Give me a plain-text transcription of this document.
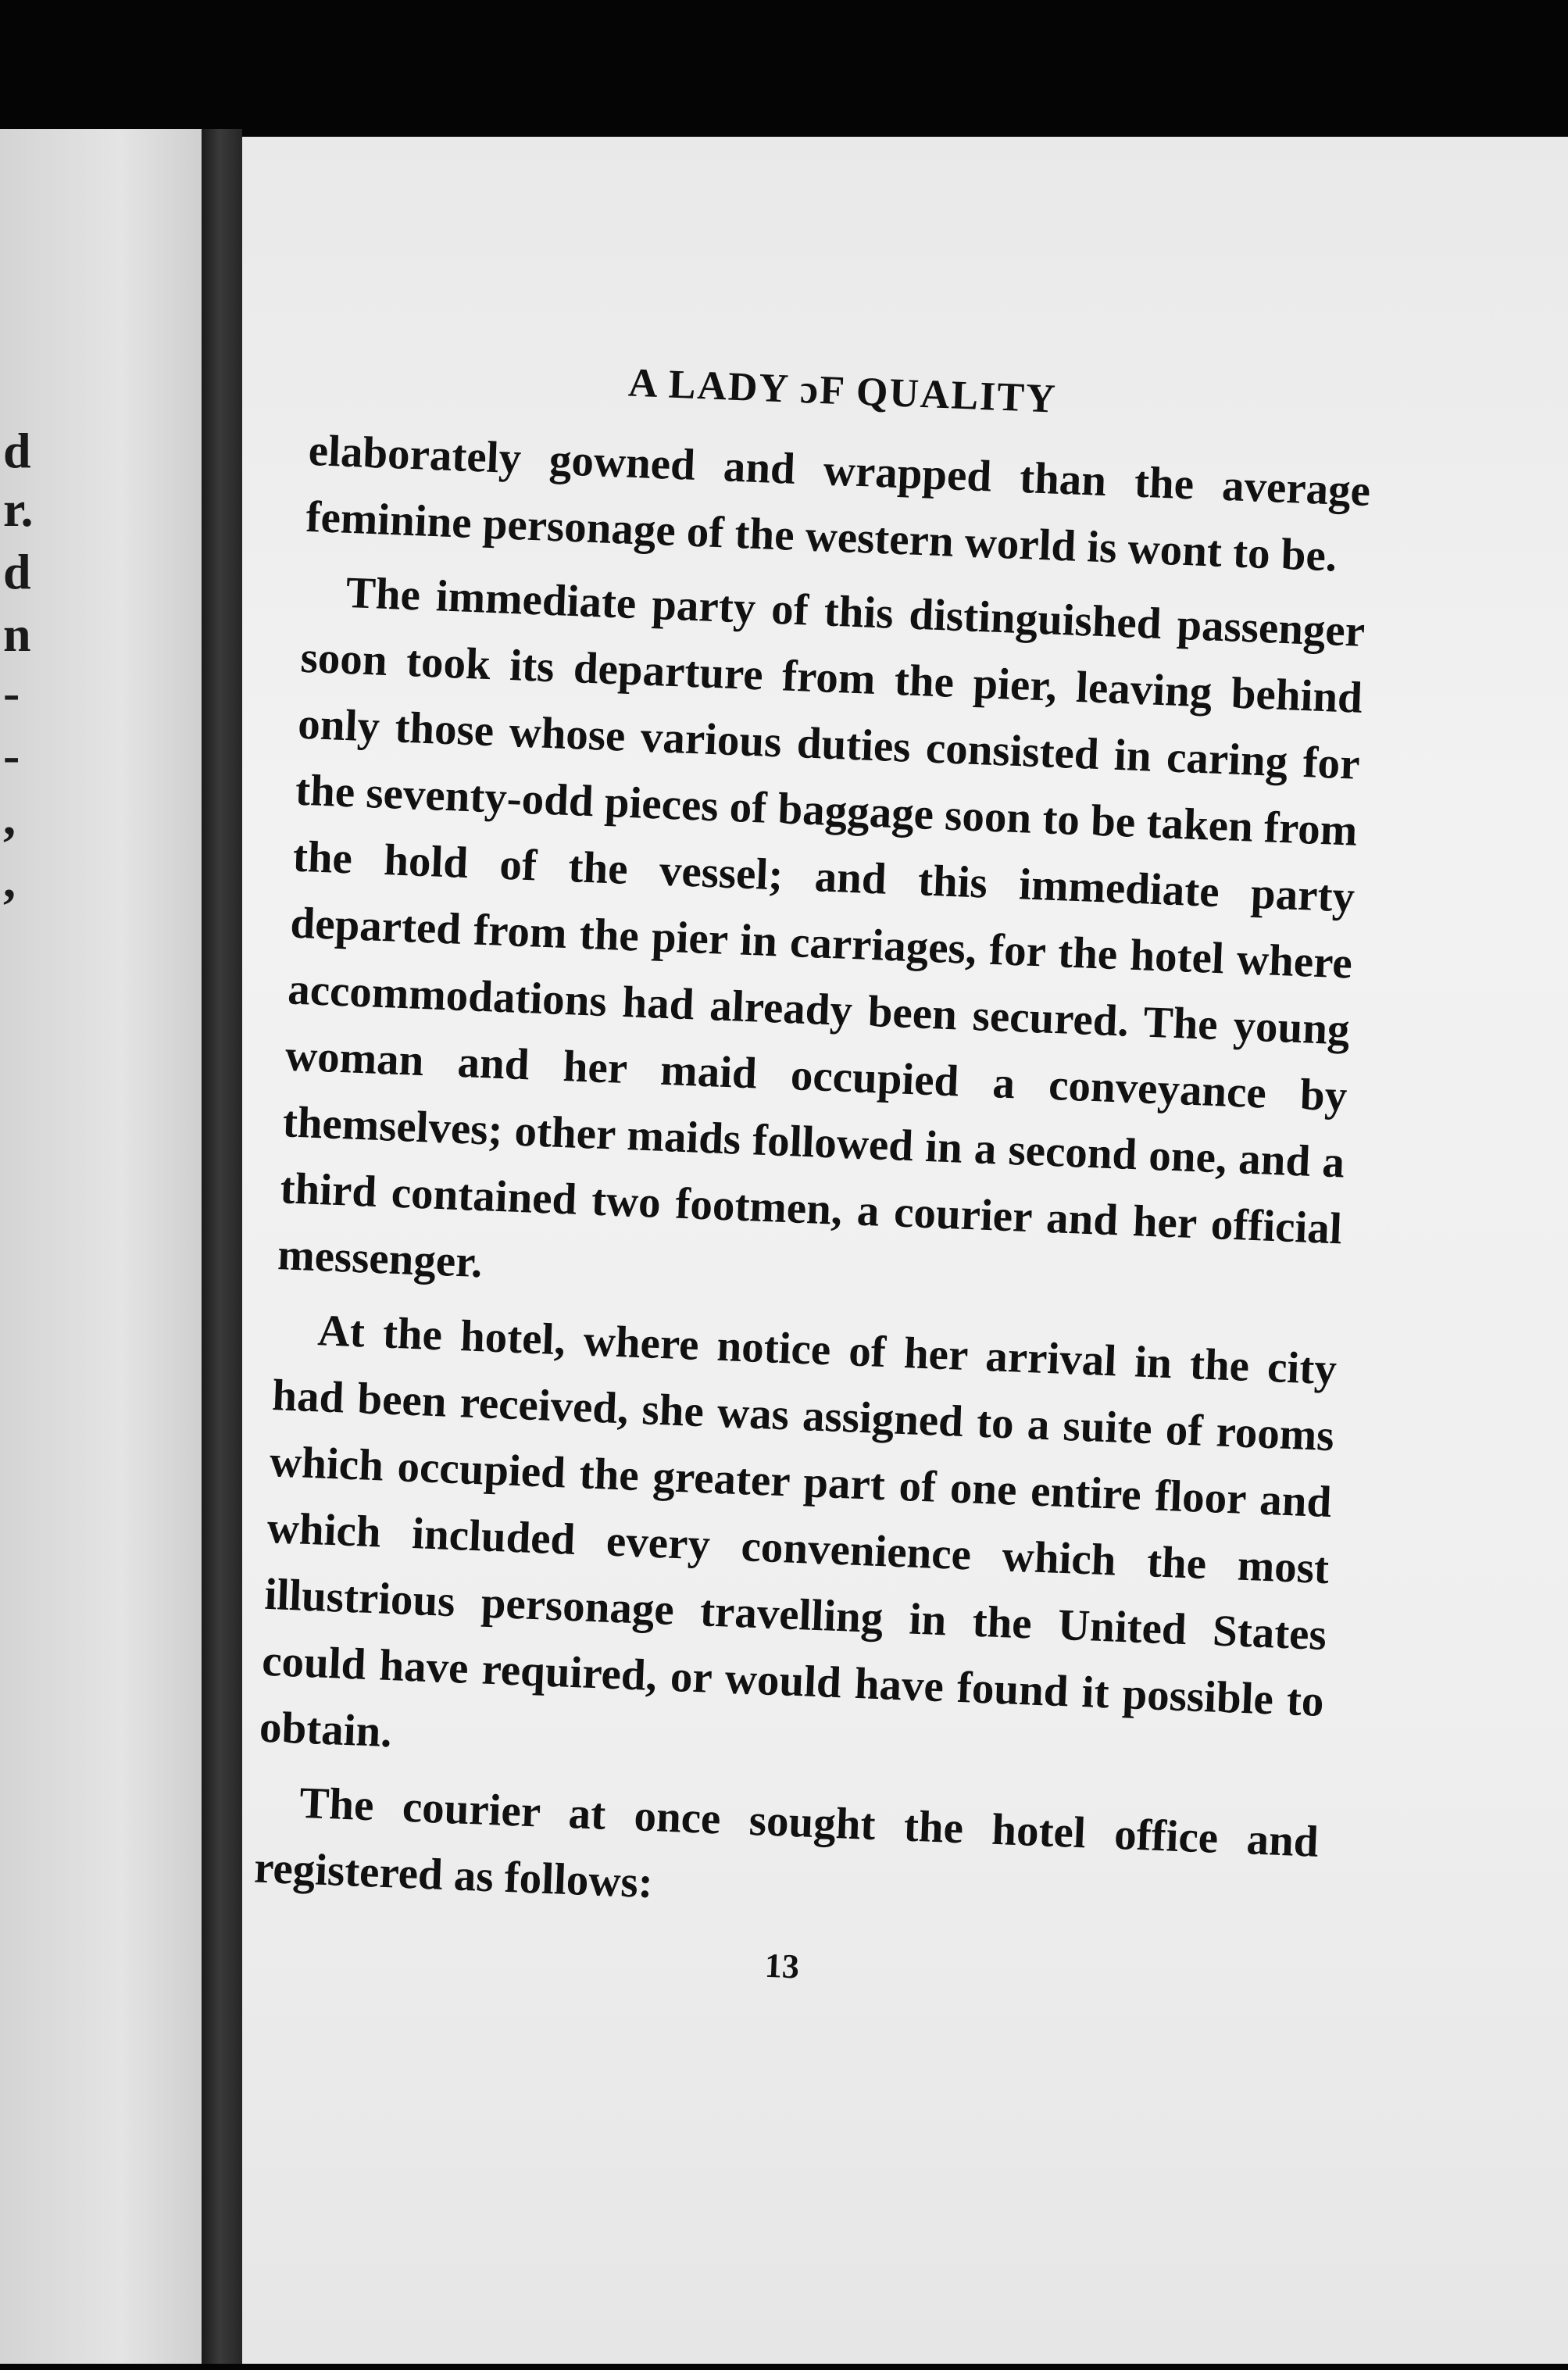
d
r.
d
n
-
-
,
,
A LADY ɔF QUALITY

elaborately gowned and wrapped than the average feminine personage of the western world is wont to be.

The immediate party of this distinguished passenger soon took its departure from the pier, leaving behind only those whose various duties consisted in caring for the seventy-odd pieces of baggage soon to be taken from the hold of the vessel; and this immediate party departed from the pier in carriages, for the hotel where accommodations had already been secured. The young woman and her maid occupied a conveyance by themselves; other maids followed in a second one, and a third contained two footmen, a courier and her official messenger.

At the hotel, where notice of her arrival in the city had been received, she was assigned to a suite of rooms which occupied the greater part of one entire floor and which included every convenience which the most illustrious personage travelling in the United States could have required, or would have found it possible to obtain.

The courier at once sought the hotel office and registered as follows:

13
